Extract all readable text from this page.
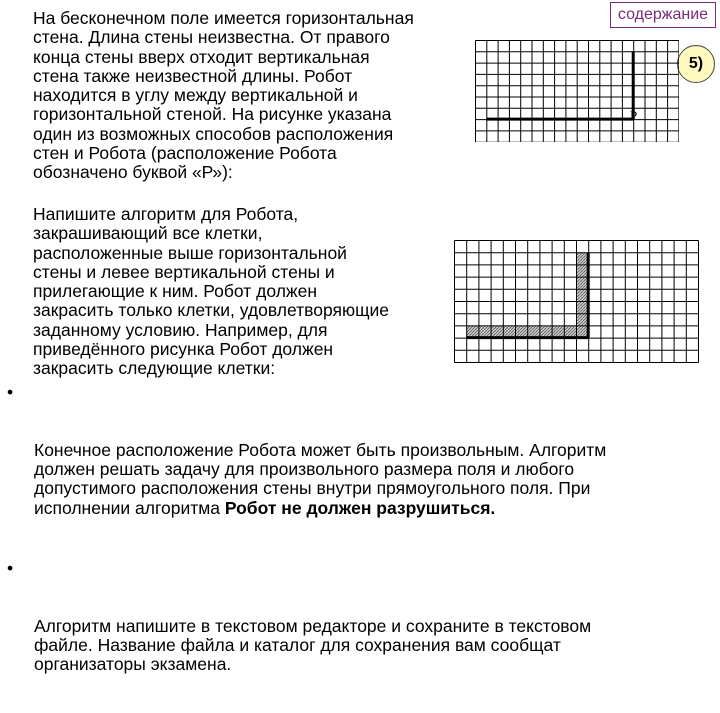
На бесконечном поле имеется горизонтальная
стена. Длина стены неизвестна. От правого
конца стены вверх отходит вертикальная
стена также неизвестной длины. Робот
находится в углу между вертикальной и
горизонтальной стеной. На рисунке указана
один из возможных способов расположения
стен и Робота (расположение Робота
обозначено буквой «Р»):
Напишите алгоритм для Робота,
закрашивающий все клетки,
расположенные выше горизонтальной
стены и левее вертикальной стены и
прилегающие к ним. Робот должен
закрасить только клетки, удовлетворяющие
заданному условию. Например, для
приведённого рисунка Робот должен
закрасить следующие клетки:

•

Конечное расположение Робота может быть произвольным. Алгоритм
должен решать задачу для произвольного размера поля и любого
допустимого расположения стены внутри прямоугольного поля. При
исполнении алгоритма Робот не должен разрушиться.

•

Алгоритм напишите в текстовом редакторе и сохраните в текстовом
файле. Название файла и каталог для сохранения вам сообщат
организаторы экзамена.

содержание
5)
Р
